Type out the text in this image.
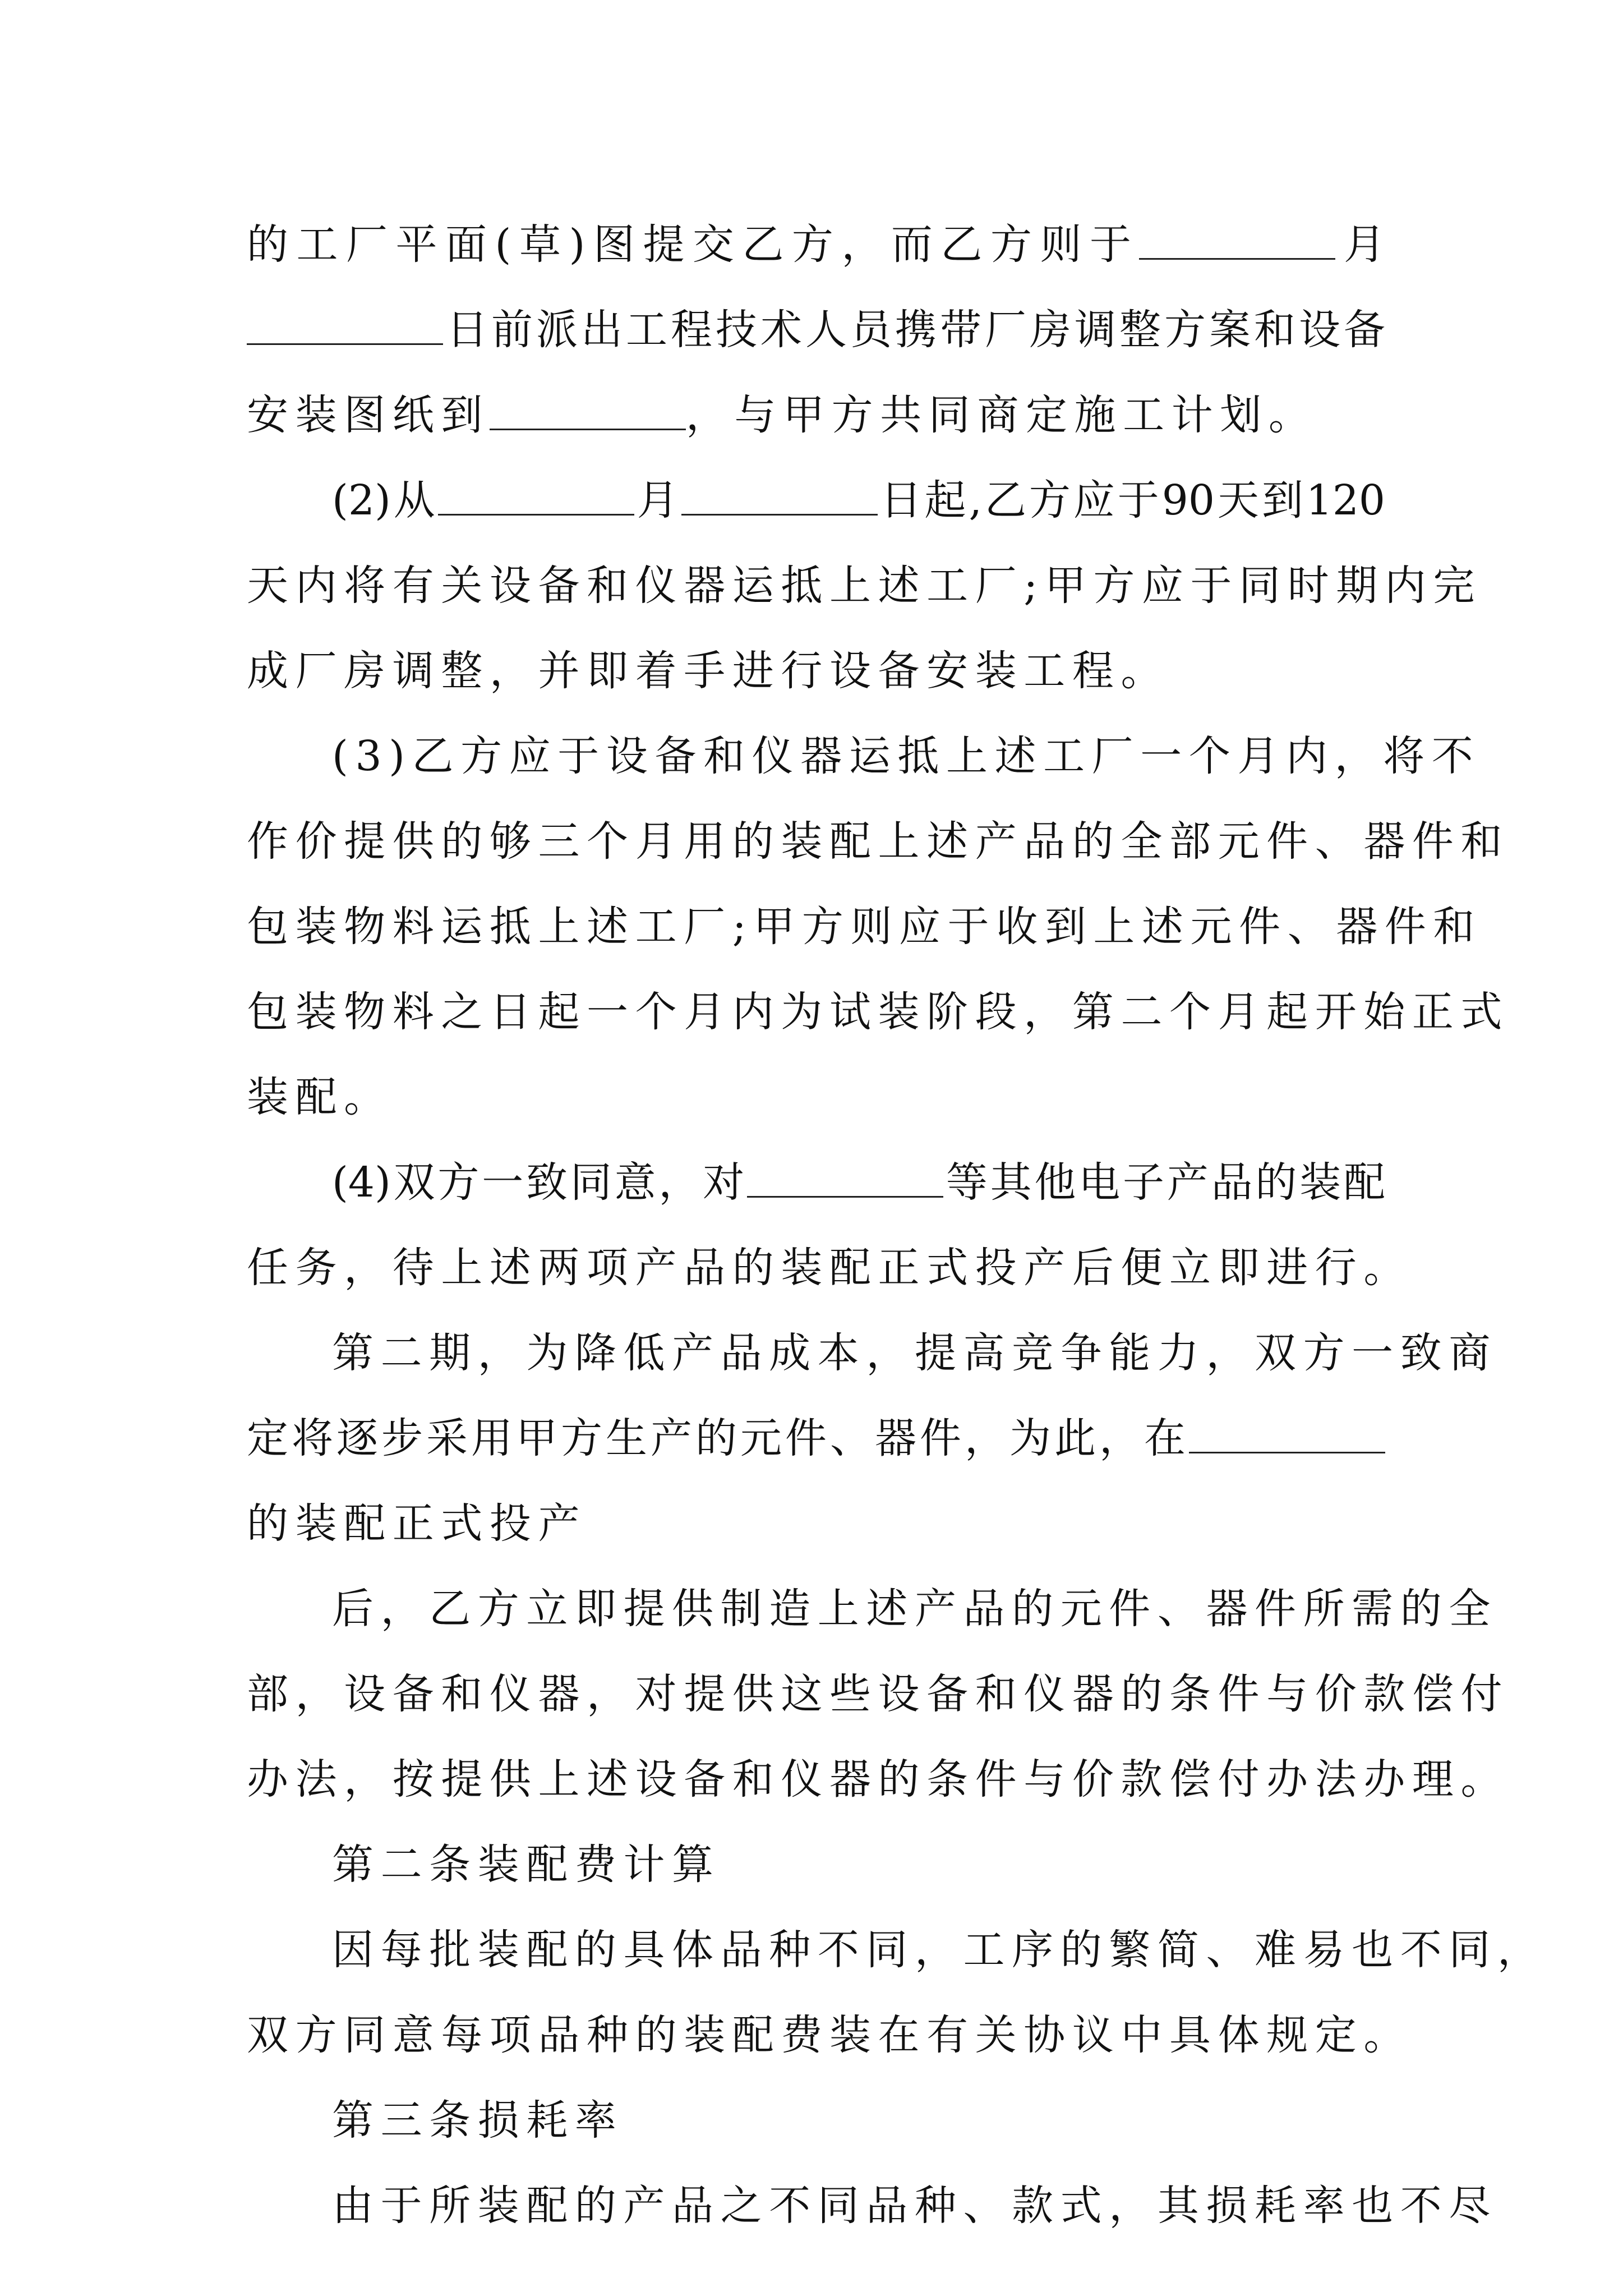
的工厂平面(草)图提交乙方，而乙方则于	月
日前派出工程技术人员携带厂房调整方案和设备
安装图纸到	，与甲方共同商定施工计划。
(2)从	月	日起,乙方应于90天到120
天内将有关设备和仪器运抵上述工厂;甲方应于同时期内完
成厂房调整，并即着手进行设备安装工程。
(3)乙方应于设备和仪器运抵上述工厂一个月内，将不
作价提供的够三个月用的装配上述产品的全部元件、器件和
包装物料运抵上述工厂;甲方则应于收到上述元件、器件和
包装物料之日起一个月内为试装阶段，第二个月起开始正式
装配。
(4)双方一致同意，对	等其他电子产品的装配
任务，待上述两项产品的装配正式投产后便立即进行。
第二期，为降低产品成本，提高竞争能力，双方一致商
定将逐步采用甲方生产的元件、器件，为此，在
的装配正式投产
后，乙方立即提供制造上述产品的元件、器件所需的全
部，设备和仪器，对提供这些设备和仪器的条件与价款偿付
办法，按提供上述设备和仪器的条件与价款偿付办法办理。
第二条装配费计算
因每批装配的具体品种不同，工序的繁简、难易也不同，
双方同意每项品种的装配费装在有关协议中具体规定。
第三条损耗率
由于所装配的产品之不同品种、款式，其损耗率也不尽
